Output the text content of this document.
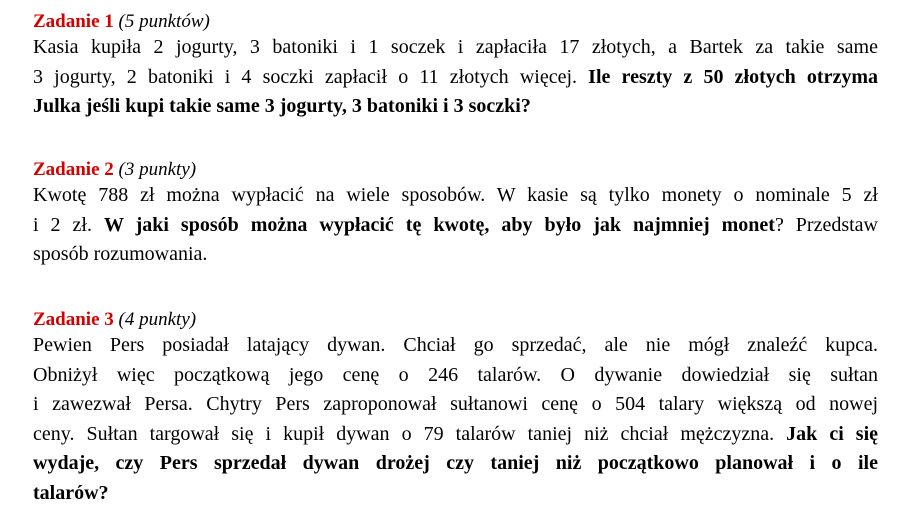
Zadanie 1 (5 punktów)
Kasia kupiła 2 jogurty, 3 batoniki i 1 soczek i zapłaciła 17 złotych, a Bartek za takie same
3 jogurty, 2 batoniki i 4 soczki zapłacił o 11 złotych więcej. Ile reszty z 50 złotych otrzyma
Julka jeśli kupi takie same 3 jogurty, 3 batoniki i 3 soczki?
Zadanie 2 (3 punkty)
Kwotę 788 zł można wypłacić na wiele sposobów. W kasie są tylko monety o nominale 5 zł
i 2 zł. W jaki sposób można wypłacić tę kwotę, aby było jak najmniej monet? Przedstaw
sposób rozumowania.
Zadanie 3 (4 punkty)
Pewien Pers posiadał latający dywan. Chciał go sprzedać, ale nie mógł znaleźć kupca.
Obniżył więc początkową jego cenę o 246 talarów. O dywanie dowiedział się sułtan
i zawezwał Persa. Chytry Pers zaproponował sułtanowi cenę o 504 talary większą od nowej
ceny. Sułtan targował się i kupił dywan o 79 talarów taniej niż chciał mężczyzna. Jak ci się
wydaje, czy Pers sprzedał dywan drożej czy taniej niż początkowo planował i o ile
talarów?
